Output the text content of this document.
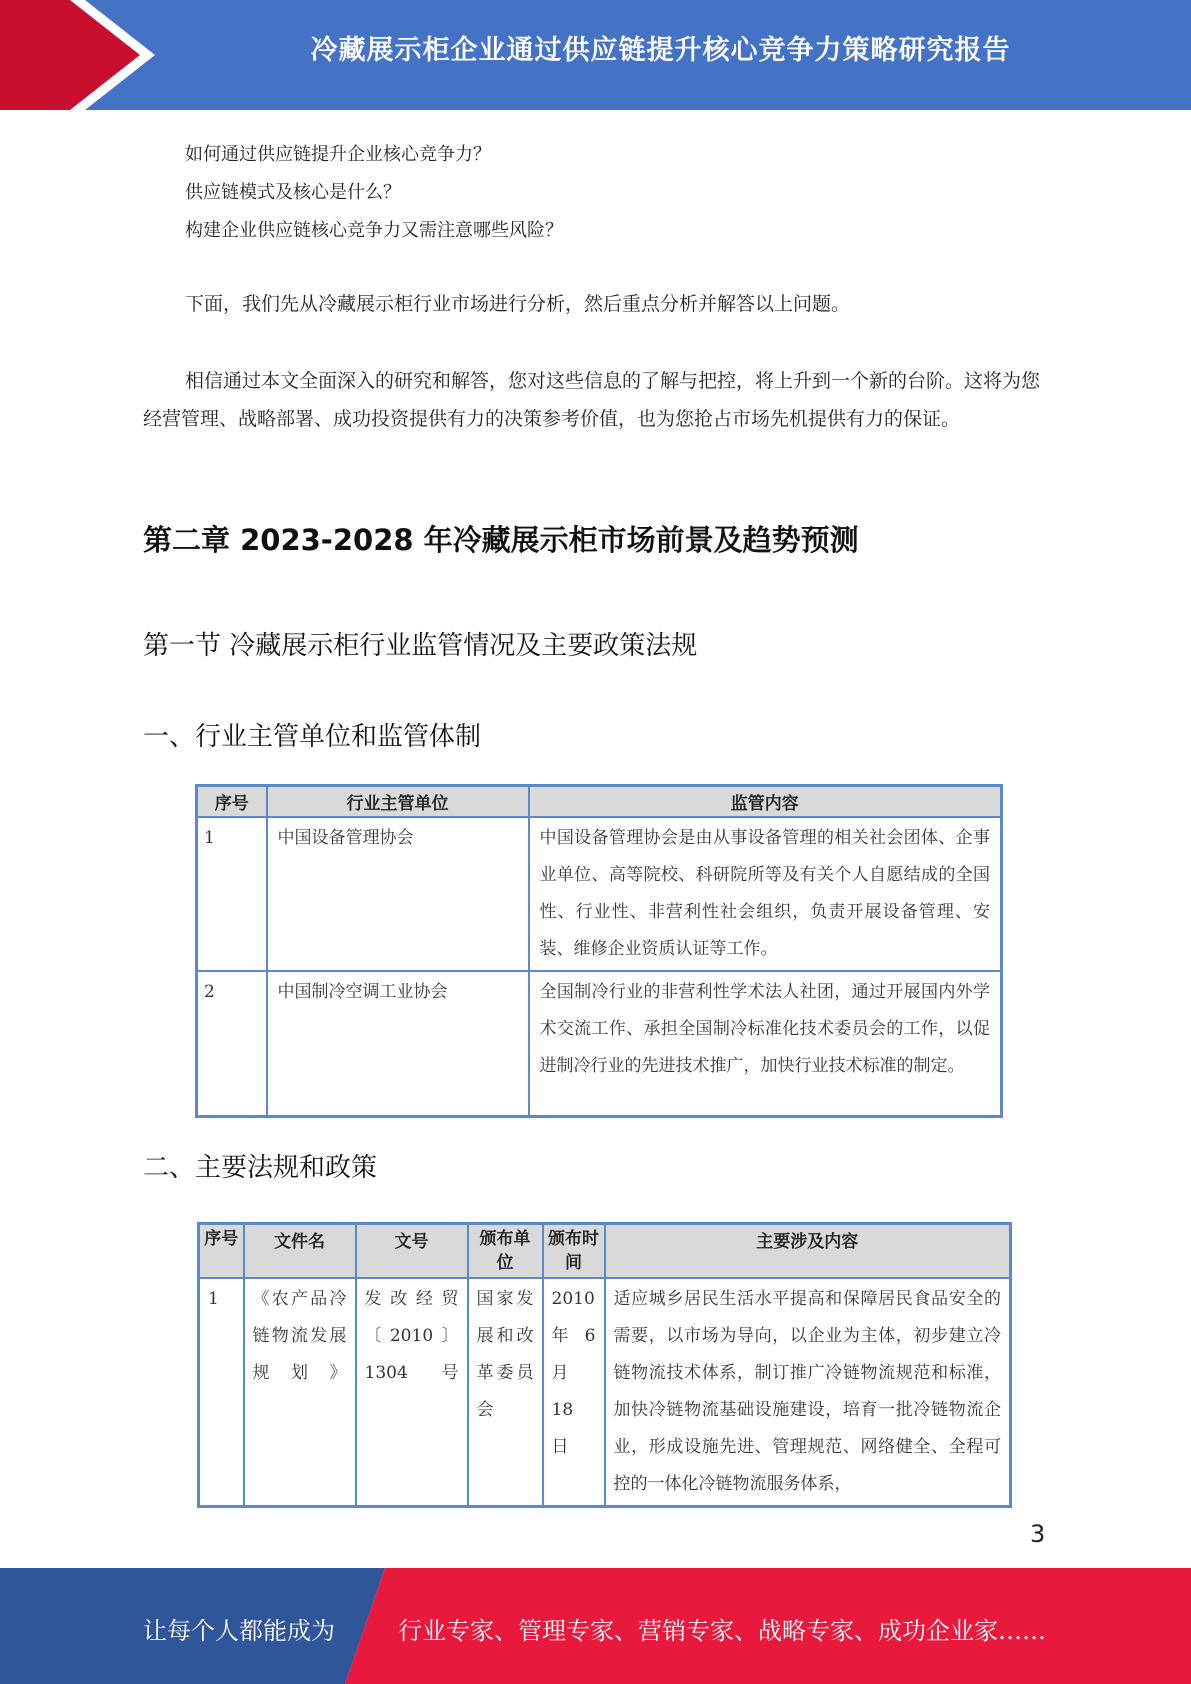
冷藏展示柜企业通过供应链提升核心竞争力策略研究报告
如何通过供应链提升企业核心竞争力？
供应链模式及核心是什么？
构建企业供应链核心竞争力又需注意哪些风险？
下面，我们先从冷藏展示柜行业市场进行分析，然后重点分析并解答以上问题。
相信通过本文全面深入的研究和解答，您对这些信息的了解与把控，将上升到一个新的台阶。这将为您经营管理、战略部署、成功投资提供有力的决策参考价值，也为您抢占市场先机提供有力的保证。
第二章 2023-2028 年冷藏展示柜市场前景及趋势预测
第一节 冷藏展示柜行业监管情况及主要政策法规
一、行业主管单位和监管体制
序号	行业主管单位	监管内容
1	中国设备管理协会	中国设备管理协会是由从事设备管理的相关社会团体、企事业单位、高等院校、科研院所等及有关个人自愿结成的全国性、行业性、非营利性社会组织，负责开展设备管理、安装、维修企业资质认证等工作。
2	中国制冷空调工业协会	全国制冷行业的非营利性学术法人社团，通过开展国内外学术交流工作、承担全国制冷标准化技术委员会的工作，以促进制冷行业的先进技术推广，加快行业技术标准的制定。
二、主要法规和政策
序号	文件名	文号	颁布单位	颁布时间	主要涉及内容
1	《农产品冷链物流发展规划》	发改经贸〔2010〕1304 号	国家发展和改革委员会	2010 年 6 月 18 日	适应城乡居民生活水平提高和保障居民食品安全的需要，以市场为导向，以企业为主体，初步建立冷链物流技术体系，制订推广冷链物流规范和标准，加快冷链物流基础设施建设，培育一批冷链物流企业，形成设施先进、管理规范、网络健全、全程可控的一体化冷链物流服务体系，
3
让每个人都能成为	行业专家、管理专家、营销专家、战略专家、成功企业家……
